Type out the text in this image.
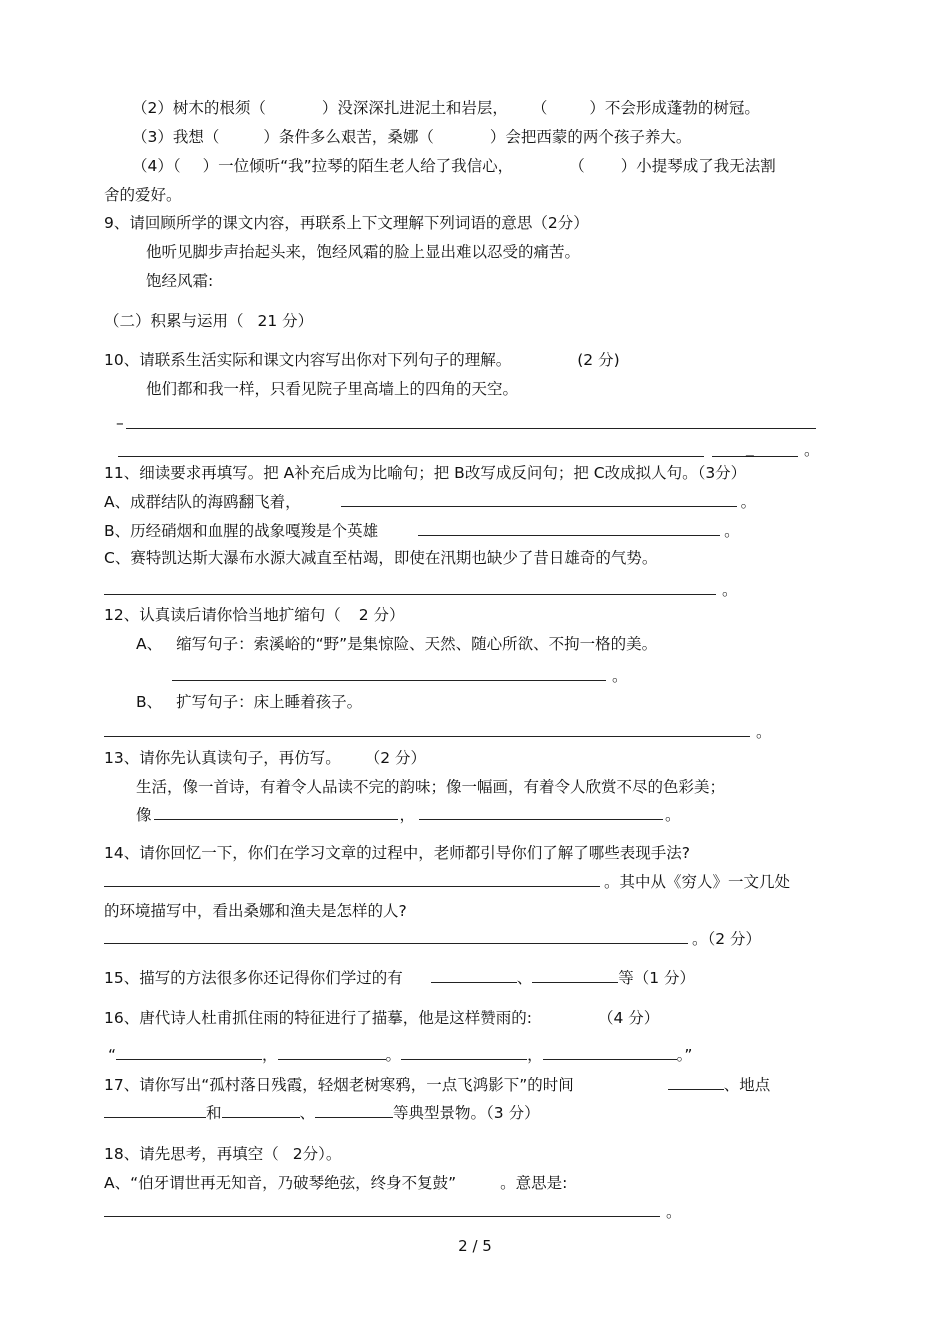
（2）树木的根须（	）没深深扎进泥土和岩层， （	）不会形成蓬勃的树冠。
（3）我想（	）条件多么艰苦，桑娜（	）会把西蒙的两个孩子养大。
（4）（ ）一位倾听“我”拉琴的陌生老人给了我信心，	（ ）小提琴成了我无法割
舍的爱好。
9、请回顾所学的课文内容，再联系上下文理解下列词语的意思（2分）
他听见脚步声抬起头来，饱经风霜的脸上显出难以忍受的痛苦。
饱经风霜:
（二）积累与运用（ 21 分）
10、请联系生活实际和课文内容写出你对下列句子的理解。	(2 分)
他们都和我一样，只看见院子里高墙上的四角的天空。
–
_	。
11、细读要求再填写。把 A补充后成为比喻句；把 B改写成反问句；把 C改成拟人句。（3分）
A、成群结队的海鸥翻飞着，	。
B、历经硝烟和血腥的战象嘎羧是个英雄	。
C、赛特凯达斯大瀑布水源大减直至枯竭，即使在汛期也缺少了昔日雄奇的气势。
。
12、认真读后请你恰当地扩缩句（ 2 分）
A、 缩写句子：索溪峪的“野”是集惊险、天然、随心所欲、不拘一格的美。
。
B、 扩写句子：床上睡着孩子。
。
13、请你先认真读句子，再仿写。 （2 分）
生活，像一首诗，有着令人品读不完的韵味；像一幅画，有着令人欣赏不尽的色彩美；
像	，	。
14、请你回忆一下，你们在学习文章的过程中，老师都引导你们了解了哪些表现手法?
。其中从《穷人》一文几处
的环境描写中，看出桑娜和渔夫是怎样的人?
。（2 分）
15、描写的方法很多你还记得你们学过的有	、	等（1 分）
16、唐代诗人杜甫抓住雨的特征进行了描摹，他是这样赞雨的:	（4 分）
“	，	。	，	。”
17、请你写出“孤村落日残霞，轻烟老树寒鸦，一点飞鸿影下”的时间	、地点
和	、	等典型景物。（3 分）
18、请先思考，再填空（ 2分）。
A、“伯牙谓世再无知音，乃破琴绝弦，终身不复鼓”	。意思是:
。
2 / 5
